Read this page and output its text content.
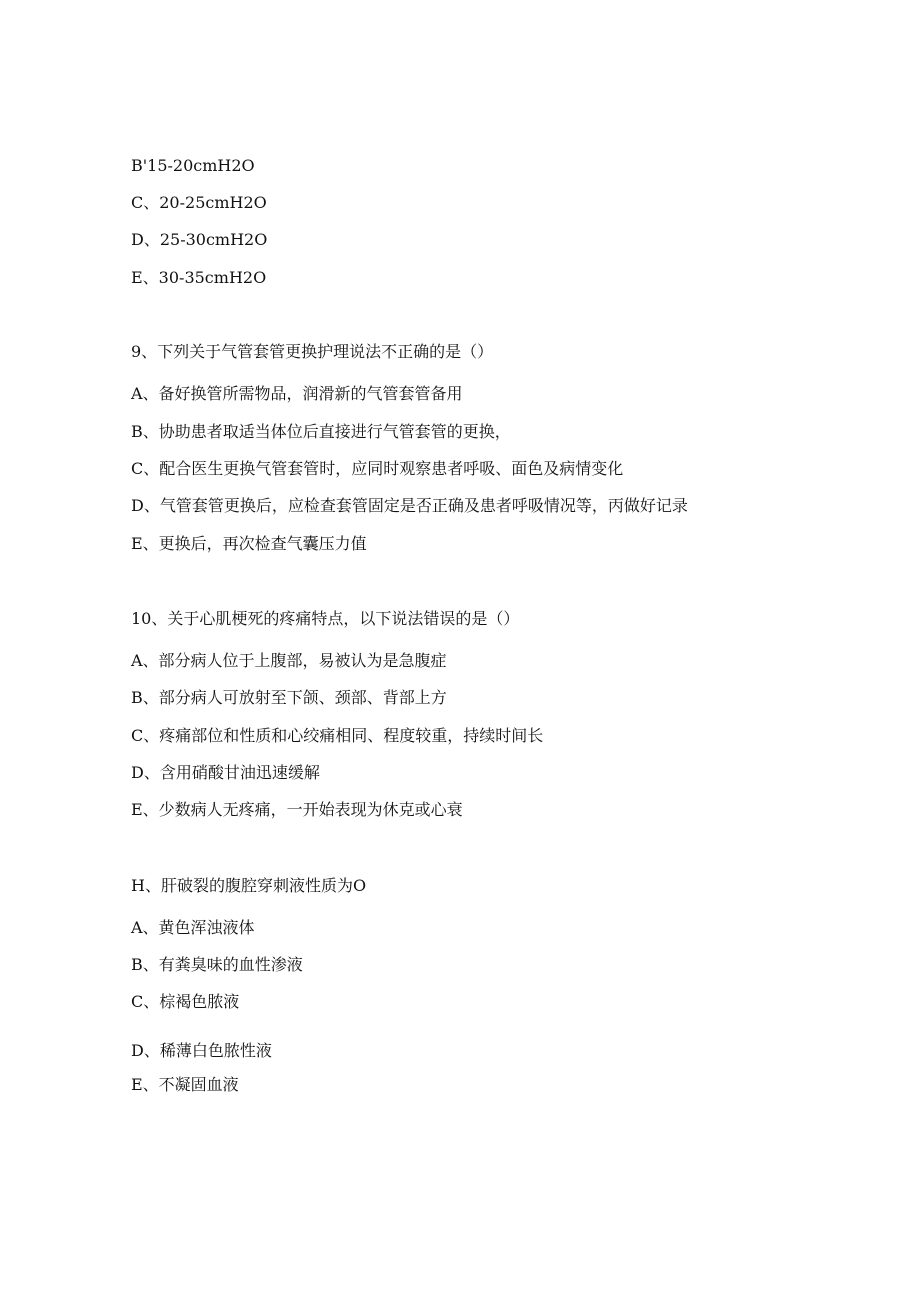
B'15-20cmH2O
C、20-25cmH2O
D、25-30cmH2O
E、30-35cmH2O
9、下列关于气管套管更换护理说法不正确的是（）
A、备好换管所需物品，润滑新的气管套管备用
B、协助患者取适当体位后直接进行气管套管的更换，
C、配合医生更换气管套管时，应同时观察患者呼吸、面色及病情变化
D、气管套管更换后，应检查套管固定是否正确及患者呼吸情况等，丙做好记录
E、更换后，再次检查气囊压力值
10、关于心肌梗死的疼痛特点，以下说法错误的是（）
A、部分病人位于上腹部，易被认为是急腹症
B、部分病人可放射至下颌、颈部、背部上方
C、疼痛部位和性质和心绞痛相同、程度较重，持续时间长
D、含用硝酸甘油迅速缓解
E、少数病人无疼痛，一开始表现为休克或心衰
H、肝破裂的腹腔穿刺液性质为O
A、黄色浑浊液体
B、有粪臭味的血性渗液
C、棕褐色脓液
D、稀薄白色脓性液
E、不凝固血液
